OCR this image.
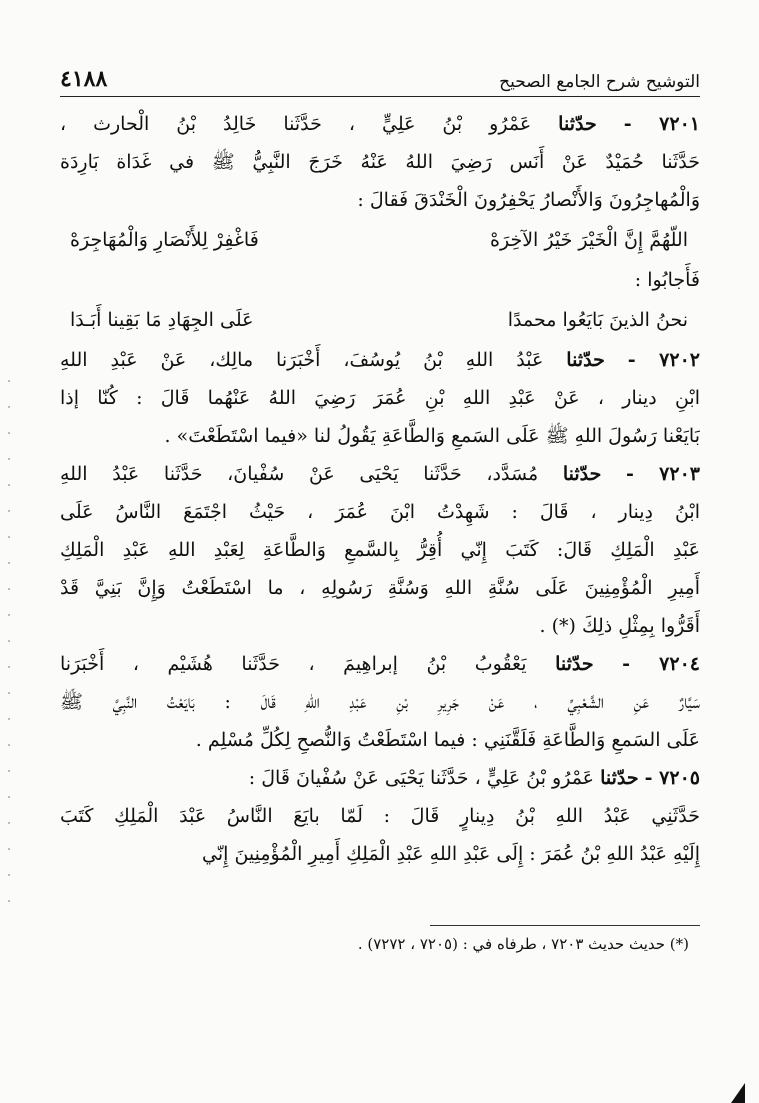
التوشيح شرح الجامع الصحيح
٤١٨٨
٧٢٠١ - حدّثنا عَمْرُو بْنُ عَلِيٍّ ، حَدَّثَنا خَالِدُ بْنُ الْحارث ،
حَدَّثَنا حُمَيْدٌ عَنْ أَنَس رَضِيَ اللهُ عَنْهُ خَرَجَ النَّبِيُّ ﷺ في غَدَاة بَارِدَة
وَالْمُهاجِرُونَ وَالأَنْصارُ يَحْفِرُونَ الْخَنْدَقَ فَقالَ :
اللّهُمَّ إِنَّ الْخَيْرَ خَيْرُ الآخِرَهْ
فَاغْفِرْ لِلأَنْصَارِ وَالْمُهَاجِرَهْ
فَأَجابُوا :
نحنُ الذينَ بَايَعُوا محمدًا
عَلَى الجِهَادِ مَا بَقِينا أَبَـدَا
٧٢٠٢ - حدّثنا عَبْدُ اللهِ بْنُ يُوسُفَ، أَخْبَرَنا مالِك، عَنْ عَبْدِ اللهِ
ابْنِ دينار ، عَنْ عَبْدِ اللهِ بْنِ عُمَرَ رَضِيَ اللهُ عَنْهُما قَالَ : كُنّا إذا
بَايَعْنا رَسُولَ اللهِ ﷺ عَلَى السَمعِ وَالطَّاعَةِ يَقُولُ لنا «فيما اسْتَطَعْتَ» .
٧٢٠٣ - حدّثنا مُسَدَّد، حَدَّثَنا يَحْيَى عَنْ سُفْيانَ، حَدَّثَنا عَبْدُ اللهِ
ابْنُ دِينار ، قَالَ : شَهِدْتُ ابْنَ عُمَرَ ، حَيْثُ اجْتَمَعَ النَّاسُ عَلَى
عَبْدِ الْمَلِكِ قَالَ: كَتَبَ إِنّي أُقِرُّ بِالسَّمعِ وَالطَّاعَةِ لِعَبْدِ اللهِ عَبْدِ الْمَلِكِ
أَمِيرِ الْمُؤْمِنِينَ عَلَى سُنَّةِ اللهِ وَسُنَّةِ رَسُولِهِ ، ما اسْتَطَعْتُ وَإِنَّ بَنِيَّ قَدْ
أَقَرُّوا بِمِثْلِ ذلِكَ (*) .
٧٢٠٤ - حدّثنا يَعْقُوبُ بْنُ إبراهِيمَ ، حَدَّثَنا هُشَيْم ، أَخْبَرَنا
سَيَّارٌ عَنِ الشَّعْبِيِّ ، عَنْ جَرِيرِ بْنِ عَبْدِ اللهِ قَالَ : بَايَعْتُ النَّبِيَّ ﷺ
عَلَى السَمعِ وَالطَّاعَةِ فَلَقَّنَنِي : فيما اسْتَطَعْتُ وَالنُّصحِ لِكُلِّ مُسْلِم .
٧٢٠٥ - حدّثنا عَمْرُو بْنُ عَلِيٍّ ، حَدَّثَنا يَحْيَى عَنْ سُفْيانَ قَالَ :
حَدَّثَنِي عَبْدُ اللهِ بْنُ دِينارٍ قَالَ : لَمّا بايَعَ النَّاسُ عَبْدَ الْمَلِكِ كَتَبَ
إِلَيْهِ عَبْدُ اللهِ بْنُ عُمَرَ : إِلَى عَبْدِ اللهِ عَبْدِ الْمَلِكِ أَمِيرِ الْمُؤْمِنِينَ إِنّي
(*) حديث حديث ٧٢٠٣ ، طرفاه في : (٧٢٠٥ ، ٧٢٧٢) .
